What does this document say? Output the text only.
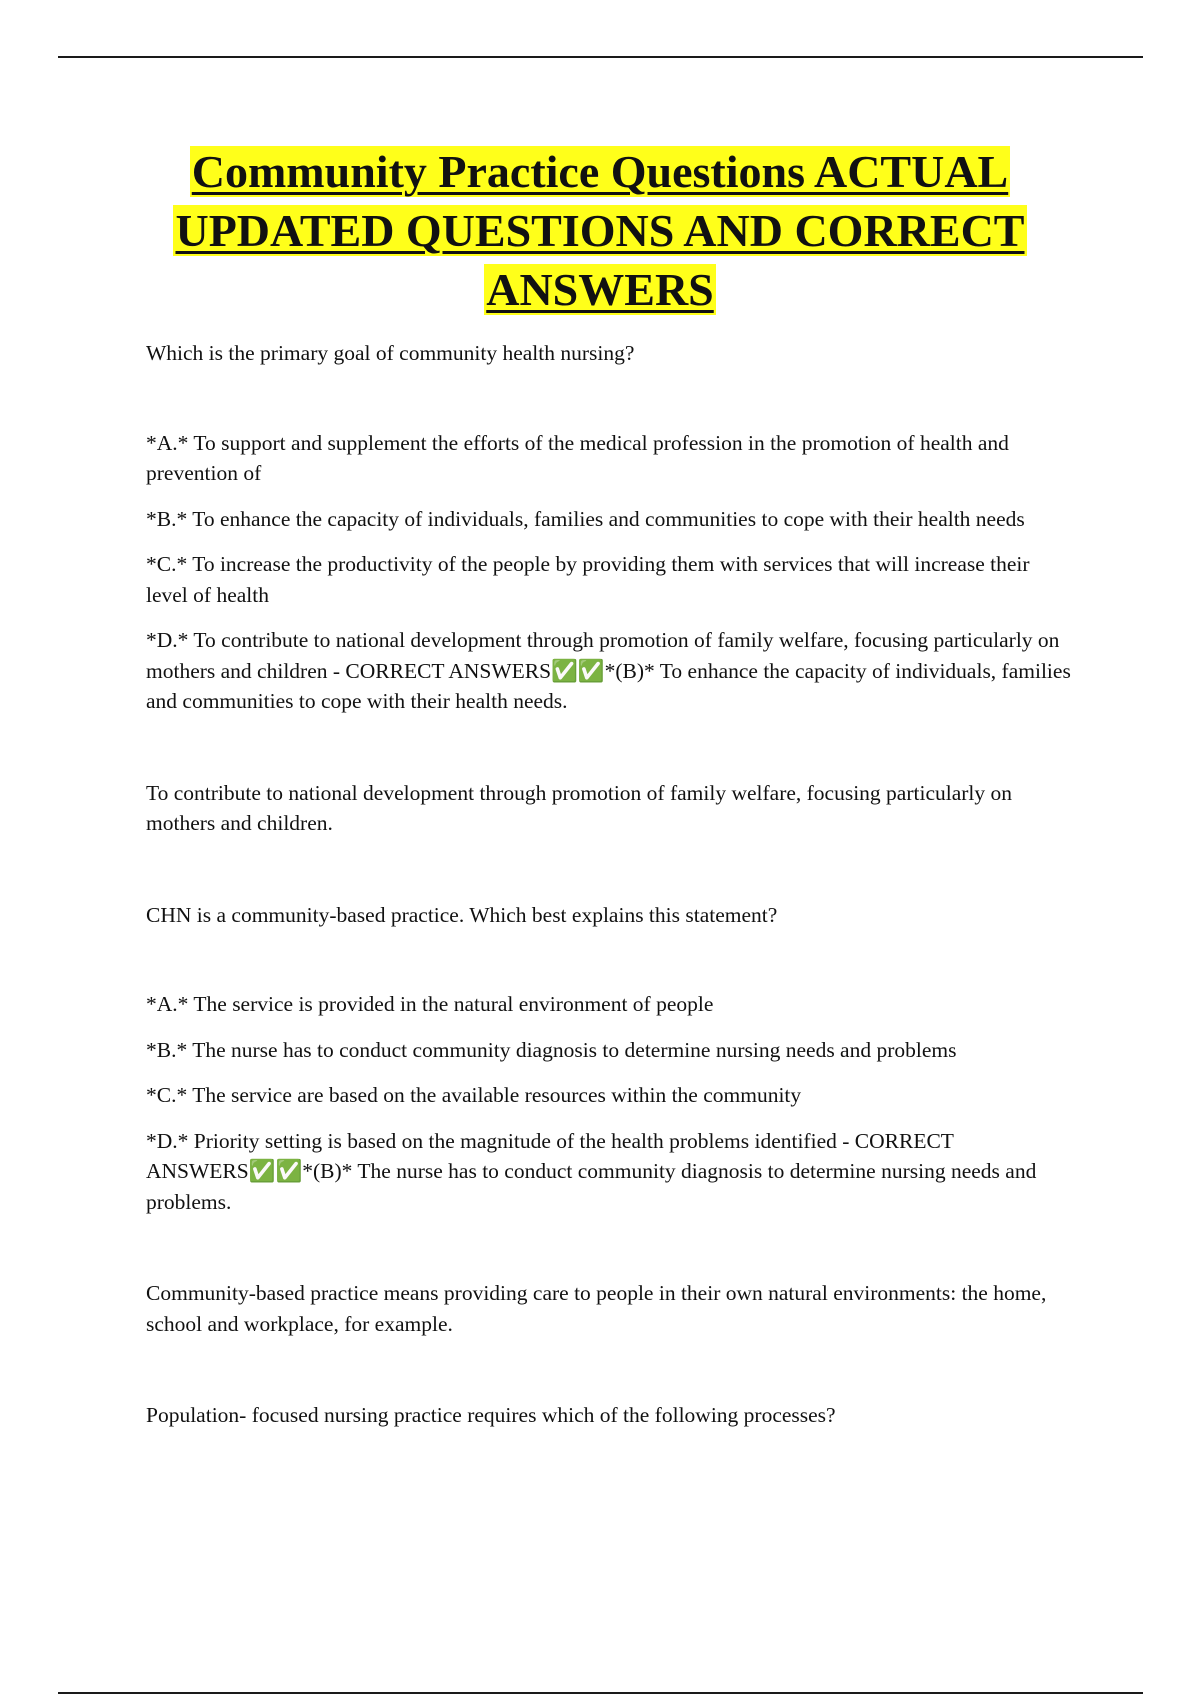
Community Practice Questions ACTUAL
UPDATED QUESTIONS AND CORRECT
ANSWERS

Which is the primary goal of community health nursing?

*A.* To support and supplement the efforts of the medical profession in the promotion of health and prevention of

*B.* To enhance the capacity of individuals, families and communities to cope with their health needs

*C.* To increase the productivity of the people by providing them with services that will increase their level of health

*D.* To contribute to national development through promotion of family welfare, focusing particularly on mothers and children - CORRECT ANSWERS✅✅*(B)* To enhance the capacity of individuals, families and communities to cope with their health needs.

To contribute to national development through promotion of family welfare, focusing particularly on mothers and children.

CHN is a community-based practice. Which best explains this statement?

*A.* The service is provided in the natural environment of people

*B.* The nurse has to conduct community diagnosis to determine nursing needs and problems

*C.* The service are based on the available resources within the community

*D.* Priority setting is based on the magnitude of the health problems identified - CORRECT ANSWERS✅✅*(B)* The nurse has to conduct community diagnosis to determine nursing needs and problems.

Community-based practice means providing care to people in their own natural environments: the home, school and workplace, for example.

Population- focused nursing practice requires which of the following processes?
